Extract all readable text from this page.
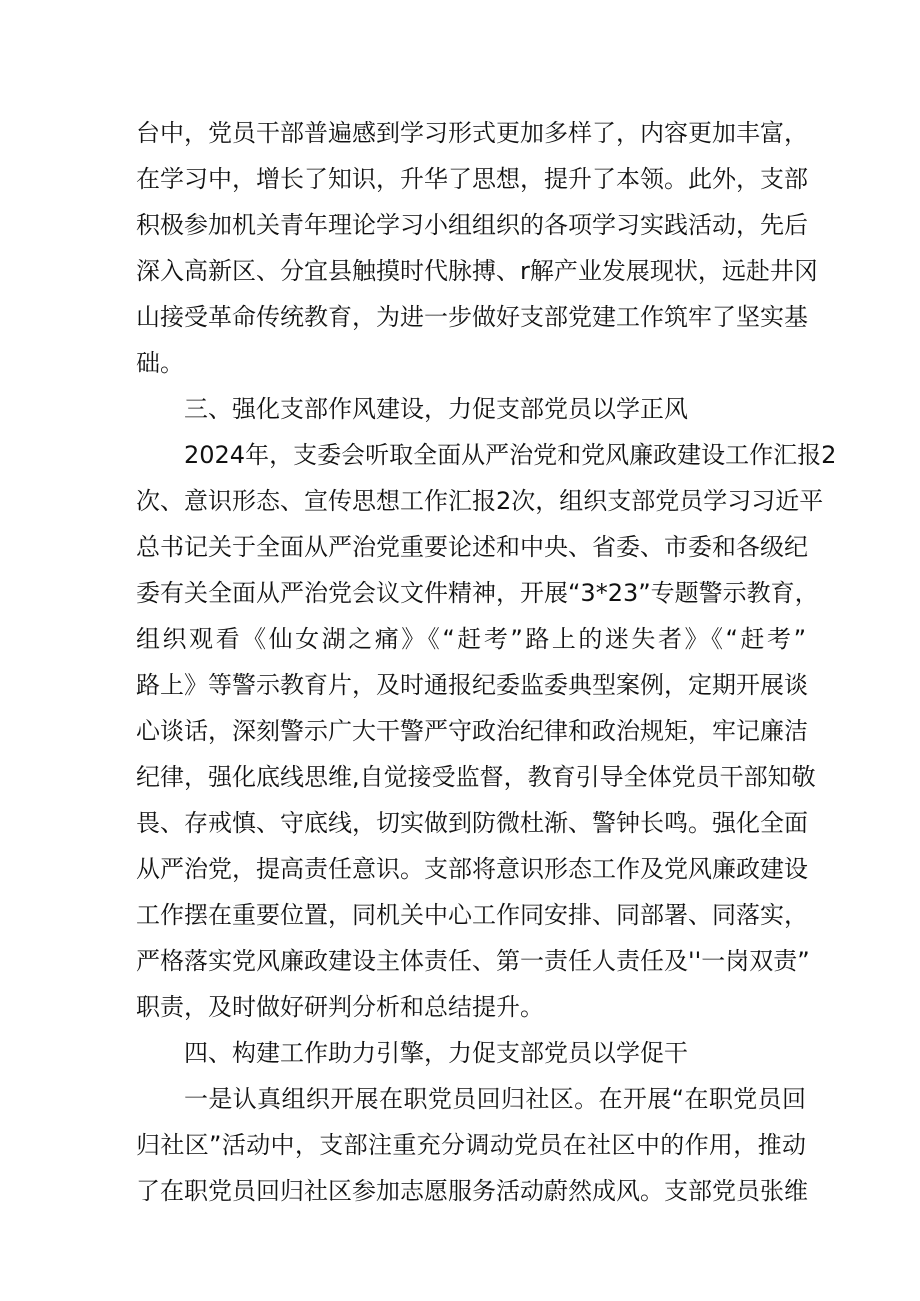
台中，党员干部普遍感到学习形式更加多样了，内容更加丰富，
在学习中，增长了知识，升华了思想，提升了本领。此外，支部
积极参加机关青年理论学习小组组织的各项学习实践活动，先后
深入高新区、分宜县触摸时代脉搏、r解产业发展现状，远赴井冈
山接受革命传统教育，为进一步做好支部党建工作筑牢了坚实基
础。
三、强化支部作风建设，力促支部党员以学正风
2024年，支委会听取全面从严治党和党风廉政建设工作汇报2
次、意识形态、宣传思想工作汇报2次，组织支部党员学习习近平
总书记关于全面从严治党重要论述和中央、省委、市委和各级纪
委有关全面从严治党会议文件精神，开展“3*23”专题警示教育，
组织观看《仙女湖之痛》《“赶考”路上的迷失者》《“赶考”
路上》等警示教育片，及时通报纪委监委典型案例，定期开展谈
心谈话，深刻警示广大干警严守政治纪律和政治规矩，牢记廉洁
纪律，强化底线思维,自觉接受监督，教育引导全体党员干部知敬
畏、存戒慎、守底线，切实做到防微杜渐、警钟长鸣。强化全面
从严治党，提高责任意识。支部将意识形态工作及党风廉政建设
工作摆在重要位置，同机关中心工作同安排、同部署、同落实，
严格落实党风廉政建设主体责任、第一责任人责任及''一岗双责”
职责，及时做好研判分析和总结提升。
四、构建工作助力引擎，力促支部党员以学促干
一是认真组织开展在职党员回归社区。在开展“在职党员回
归社区”活动中，支部注重充分调动党员在社区中的作用，推动
了在职党员回归社区参加志愿服务活动蔚然成风。支部党员张维
